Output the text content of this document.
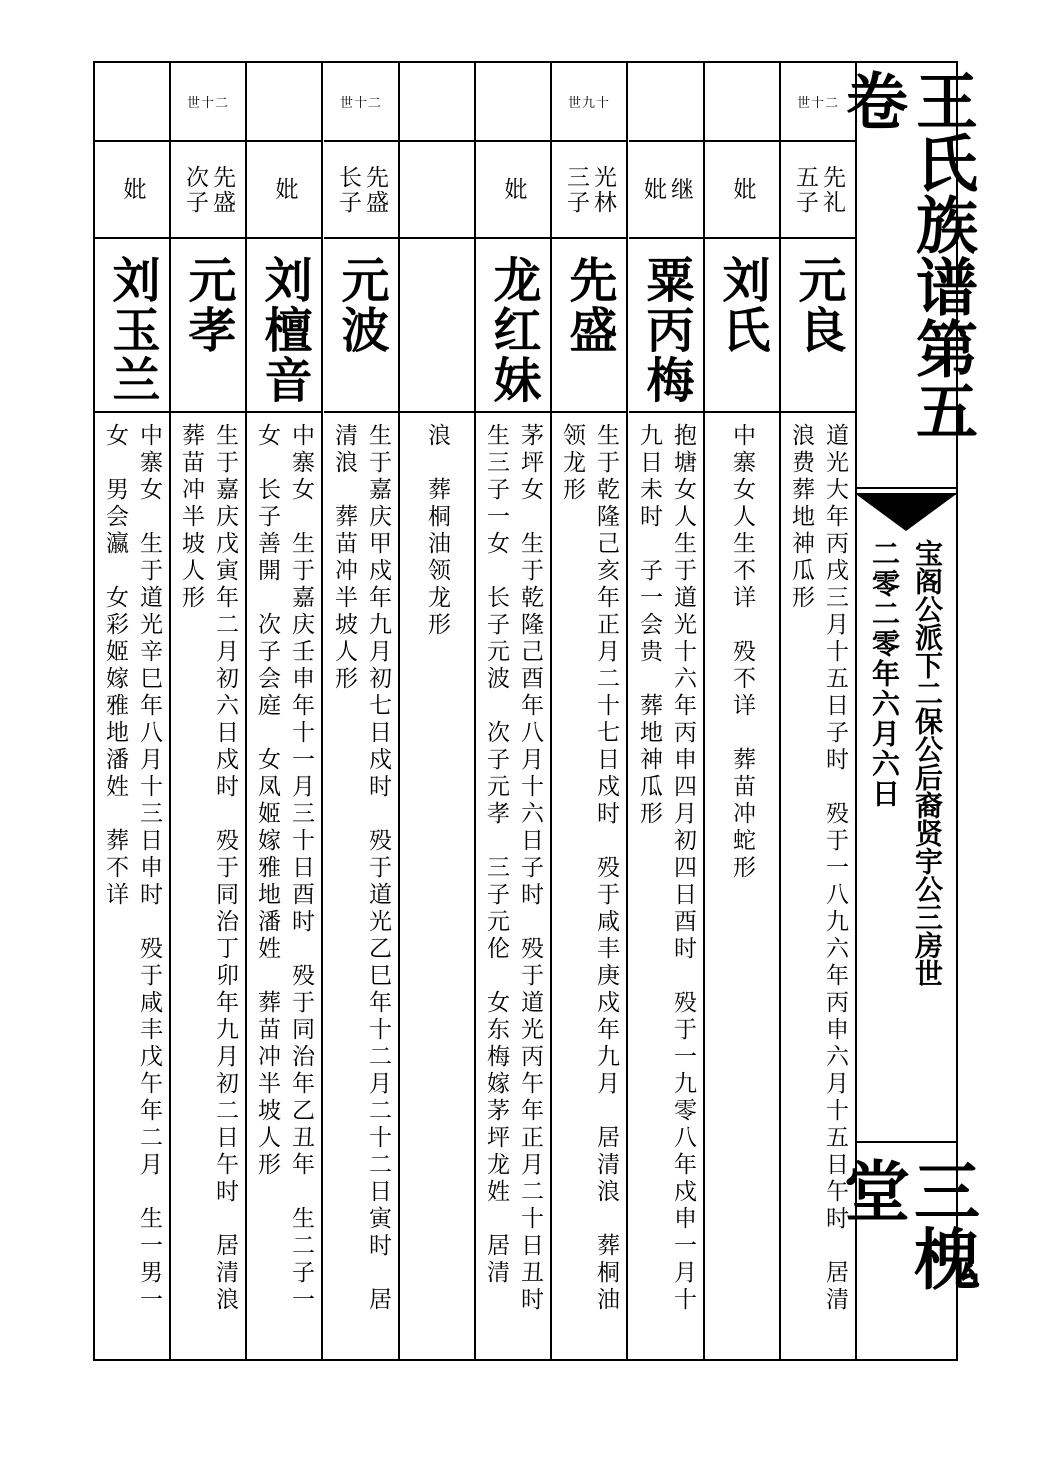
世十二
先礼
五子
元良
道光大年丙戌三月十五日子时　殁于一八九六年丙申六月十五日午时　居清
浪费葬地神瓜形
妣
刘氏
中寨女人生不详　殁不详　葬苗冲蛇形
继
妣
粟丙梅
抱塘女人生于道光十六年丙申四月初四日酉时　殁于一九零八年戍申一月十
九日未时　子一会贵　葬地神瓜形
世九十
光林
三子
先盛
生于乾隆己亥年正月二十七日戍时　殁于咸丰庚戍年九月　居清浪　葬桐油
领龙形
妣
龙红妹
茅坪女　生于乾隆己酉年八月十六日子时　殁于道光丙午年正月二十日丑时
生三子一女　长子元波　次子元孝　三子元伦　女东梅嫁茅坪龙姓　居清
浪　葬桐油领龙形
世十二
先盛
长子
元波
生于嘉庆甲戍年九月初七日戍时　殁于道光乙巳年十二月二十二日寅时　居
清浪　葬苗冲半坡人形
妣
刘檀音
中寨女　生于嘉庆壬申年十一月三十日酉时　殁于同治年乙丑年　生二子一
女　长子善開　次子会庭　女凤姬嫁雅地潘姓　葬苗冲半坡人形
世十二
先盛
次子
元孝
生于嘉庆戊寅年二月初六日戍时　殁于同治丁卯年九月初二日午时　居清浪
葬苗冲半坡人形
妣
刘玉兰
中寨女　生于道光辛巳年八月十三日申时　殁于咸丰戊午年二月　生一男一
女　男会瀛　女彩姬嫁雅地潘姓　葬不详
王氏族谱第五卷
宝阁公派下二保公后裔贤宇公三房世
二零二零年六月六日
三槐堂
